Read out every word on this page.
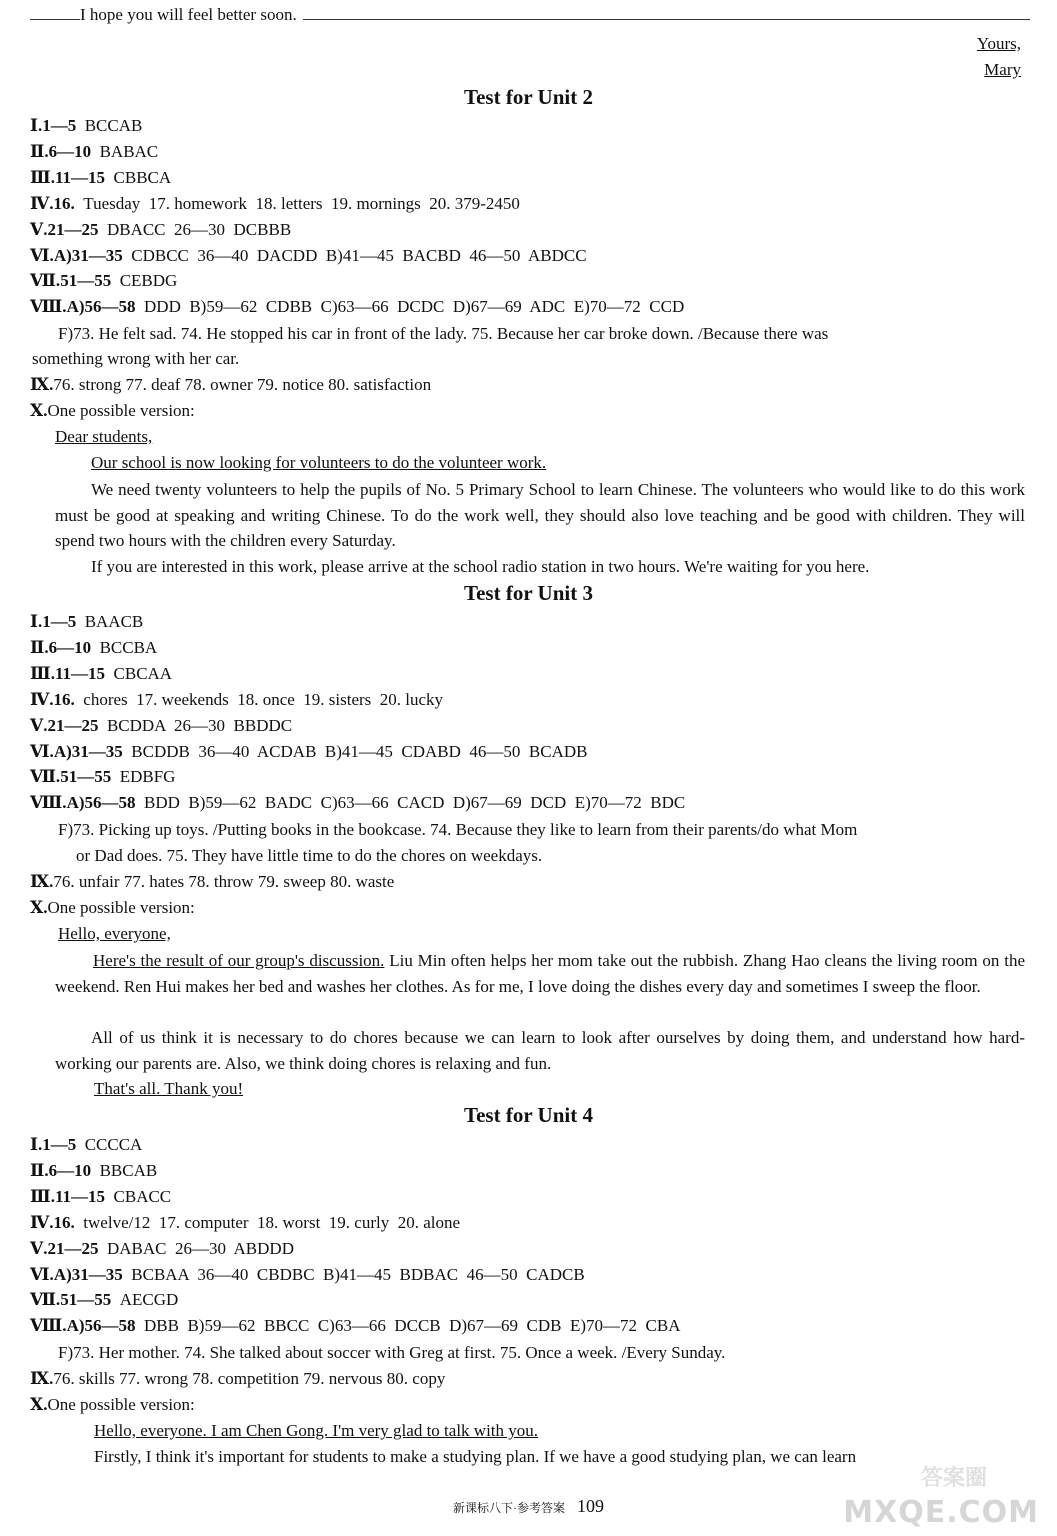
I hope you will feel better soon.
Yours,
Mary
Test for Unit 2
Ⅰ.1—5 BCCAB
Ⅱ.6—10 BABAC
Ⅲ.11—15 CBBCA
Ⅳ.16. Tuesday  17. homework  18. letters  19. mornings  20. 379-2450
Ⅴ.21—25 DBACC  26—30  DCBBB
Ⅵ.A)31—35 CDBCC  36—40  DACDD  B)41—45  BACBD  46—50  ABDCC
Ⅶ.51—55 CEBDG
Ⅷ.A)56—58 DDD  B)59—62  CDBB  C)63—66  DCDC  D)67—69  ADC  E)70—72  CCD
F)73. He felt sad. 74. He stopped his car in front of the lady. 75. Because her car broke down. /Because there was
something wrong with her car.
Ⅸ.76. strong 77. deaf 78. owner 79. notice 80. satisfaction
Ⅹ.One possible version:
Dear students,
Our school is now looking for volunteers to do the volunteer work.
We need twenty volunteers to help the pupils of No. 5 Primary School to learn Chinese. The volunteers who would like to do this work must be good at speaking and writing Chinese. To do the work well, they should also love teaching and be good with children. They will spend two hours with the children every Saturday.
If you are interested in this work, please arrive at the school radio station in two hours. We're waiting for you here.
Test for Unit 3
Ⅰ.1—5 BAACB
Ⅱ.6—10 BCCBA
Ⅲ.11—15 CBCAA
Ⅳ.16. chores  17. weekends  18. once  19. sisters  20. lucky
Ⅴ.21—25 BCDDA  26—30  BBDDC
Ⅵ.A)31—35 BCDDB  36—40  ACDAB  B)41—45  CDABD  46—50  BCADB
Ⅶ.51—55 EDBFG
Ⅷ.A)56—58 BDD  B)59—62  BADC  C)63—66  CACD  D)67—69  DCD  E)70—72  BDC
F)73. Picking up toys. /Putting books in the bookcase. 74. Because they like to learn from their parents/do what Mom
or Dad does. 75. They have little time to do the chores on weekdays.
Ⅸ.76. unfair 77. hates 78. throw 79. sweep 80. waste
Ⅹ.One possible version:
Hello, everyone,
Here's the result of our group's discussion. Liu Min often helps her mom take out the rubbish. Zhang Hao cleans the living room on the weekend. Ren Hui makes her bed and washes her clothes. As for me, I love doing the dishes every day and sometimes I sweep the floor.
All of us think it is necessary to do chores because we can learn to look after ourselves by doing them, and understand how hard-working our parents are. Also, we think doing chores is relaxing and fun.
That's all. Thank you!
Test for Unit 4
Ⅰ.1—5 CCCCA
Ⅱ.6—10 BBCAB
Ⅲ.11—15 CBACC
Ⅳ.16. twelve/12  17. computer  18. worst  19. curly  20. alone
Ⅴ.21—25 DABAC  26—30  ABDDD
Ⅵ.A)31—35 BCBAA  36—40  CBDBC  B)41—45  BDBAC  46—50  CADCB
Ⅶ.51—55 AECGD
Ⅷ.A)56—58 DBB  B)59—62  BBCC  C)63—66  DCCB  D)67—69  CDB  E)70—72  CBA
F)73. Her mother. 74. She talked about soccer with Greg at first. 75. Once a week. /Every Sunday.
Ⅸ.76. skills 77. wrong 78. competition 79. nervous 80. copy
Ⅹ.One possible version:
Hello, everyone. I am Chen Gong. I'm very glad to talk with you.
Firstly, I think it's important for students to make a studying plan. If we have a good studying plan, we can learn
新课标八下·参考答案 109
答案圈
MXQE.COM
